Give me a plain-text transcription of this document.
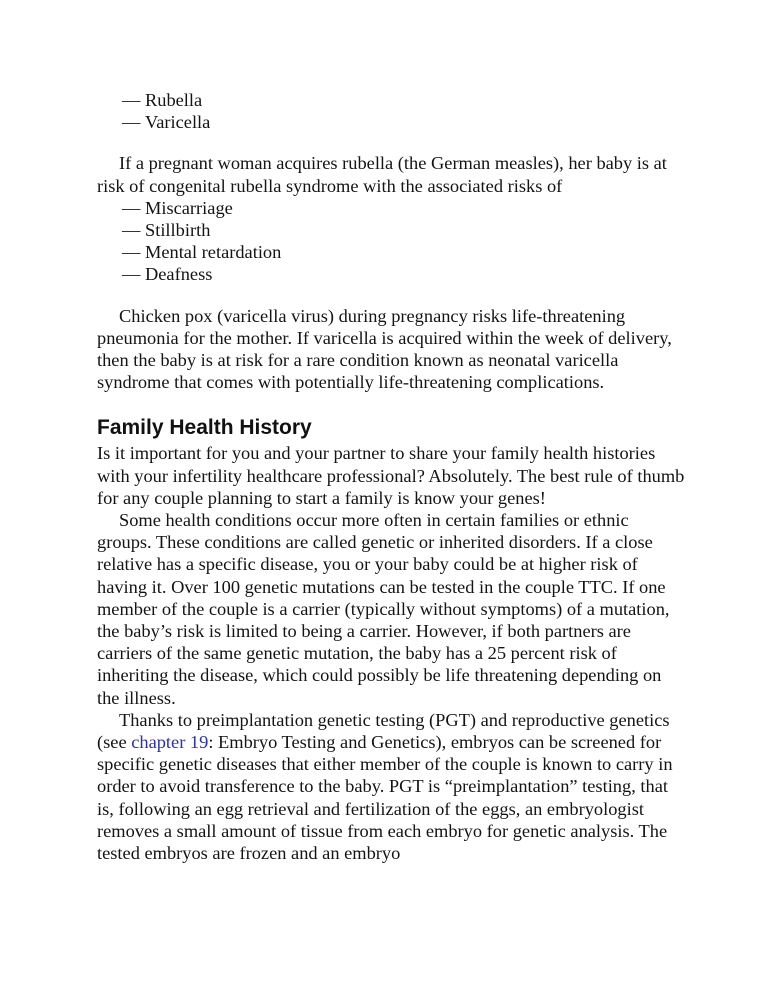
— Rubella
— Varicella

If a pregnant woman acquires rubella (the German measles), her baby is at risk of congenital rubella syndrome with the associated risks of

— Miscarriage
— Stillbirth
— Mental retardation
— Deafness

Chicken pox (varicella virus) during pregnancy risks life-threatening pneumonia for the mother. If varicella is acquired within the week of delivery, then the baby is at risk for a rare condition known as neonatal varicella syndrome that comes with potentially life-threatening complications.

Family Health History

Is it important for you and your partner to share your family health histories with your infertility healthcare professional? Absolutely. The best rule of thumb for any couple planning to start a family is know your genes!

Some health conditions occur more often in certain families or ethnic groups. These conditions are called genetic or inherited disorders. If a close relative has a specific disease, you or your baby could be at higher risk of having it. Over 100 genetic mutations can be tested in the couple TTC. If one member of the couple is a carrier (typically without symptoms) of a mutation, the baby’s risk is limited to being a carrier. However, if both partners are carriers of the same genetic mutation, the baby has a 25 percent risk of inheriting the disease, which could possibly be life threatening depending on the illness.

Thanks to preimplantation genetic testing (PGT) and reproductive genetics (see chapter 19: Embryo Testing and Genetics), embryos can be screened for specific genetic diseases that either member of the couple is known to carry in order to avoid transference to the baby. PGT is “preimplantation” testing, that is, following an egg retrieval and fertilization of the eggs, an embryologist removes a small amount of tissue from each embryo for genetic analysis. The tested embryos are frozen and an embryo
